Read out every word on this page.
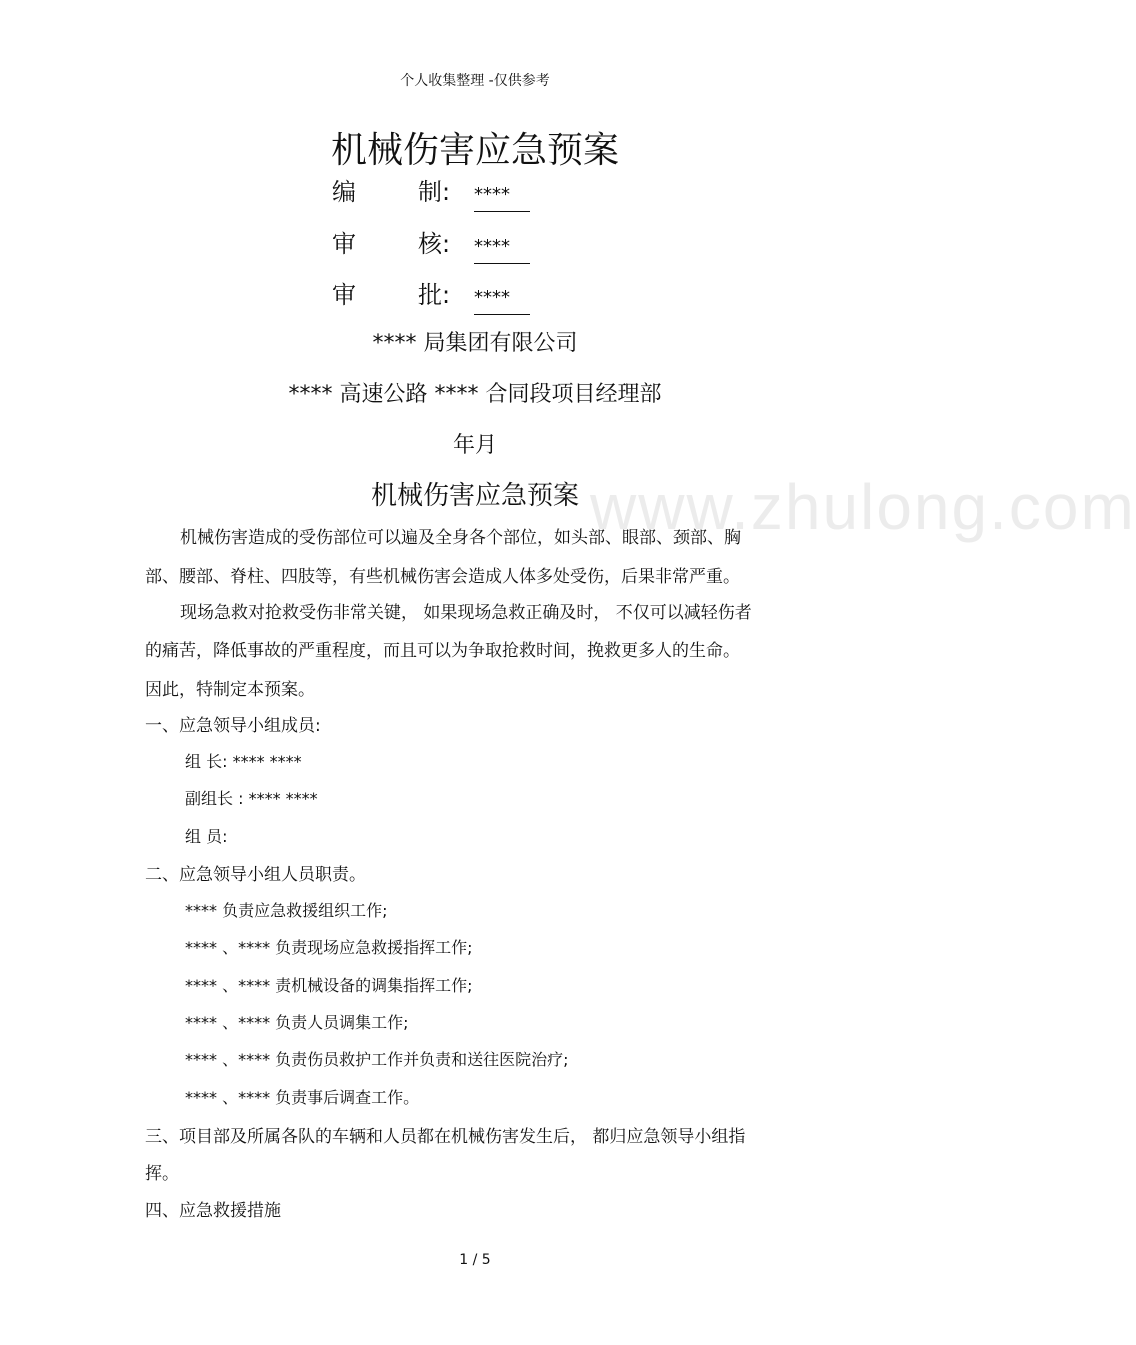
www.zhulong.com
个人收集整理 -仅供参考
机械伤害应急预案
编	制: ****
审	核: ****
审	批: ****
**** 局集团有限公司
**** 高速公路 **** 合同段项目经理部
年月
机械伤害应急预案
机械伤害造成的受伤部位可以遍及全身各个部位，如头部、眼部、颈部、胸
部、腰部、脊柱、四肢等，有些机械伤害会造成人体多处受伤，后果非常严重。
现场急救对抢救受伤非常关键， 如果现场急救正确及时， 不仅可以减轻伤者
的痛苦，降低事故的严重程度，而且可以为争取抢救时间，挽救更多人的生命。
因此，特制定本预案。
一、应急领导小组成员:
组 长: **** ****
副组长 : **** ****
组 员:
二、应急领导小组人员职责。
**** 负责应急救援组织工作;
**** 、**** 负责现场应急救援指挥工作;
**** 、**** 责机械设备的调集指挥工作;
**** 、**** 负责人员调集工作;
**** 、**** 负责伤员救护工作并负责和送往医院治疗;
**** 、**** 负责事后调查工作。
三、项目部及所属各队的车辆和人员都在机械伤害发生后， 都归应急领导小组指
挥。
四、应急救援措施
1 / 5
